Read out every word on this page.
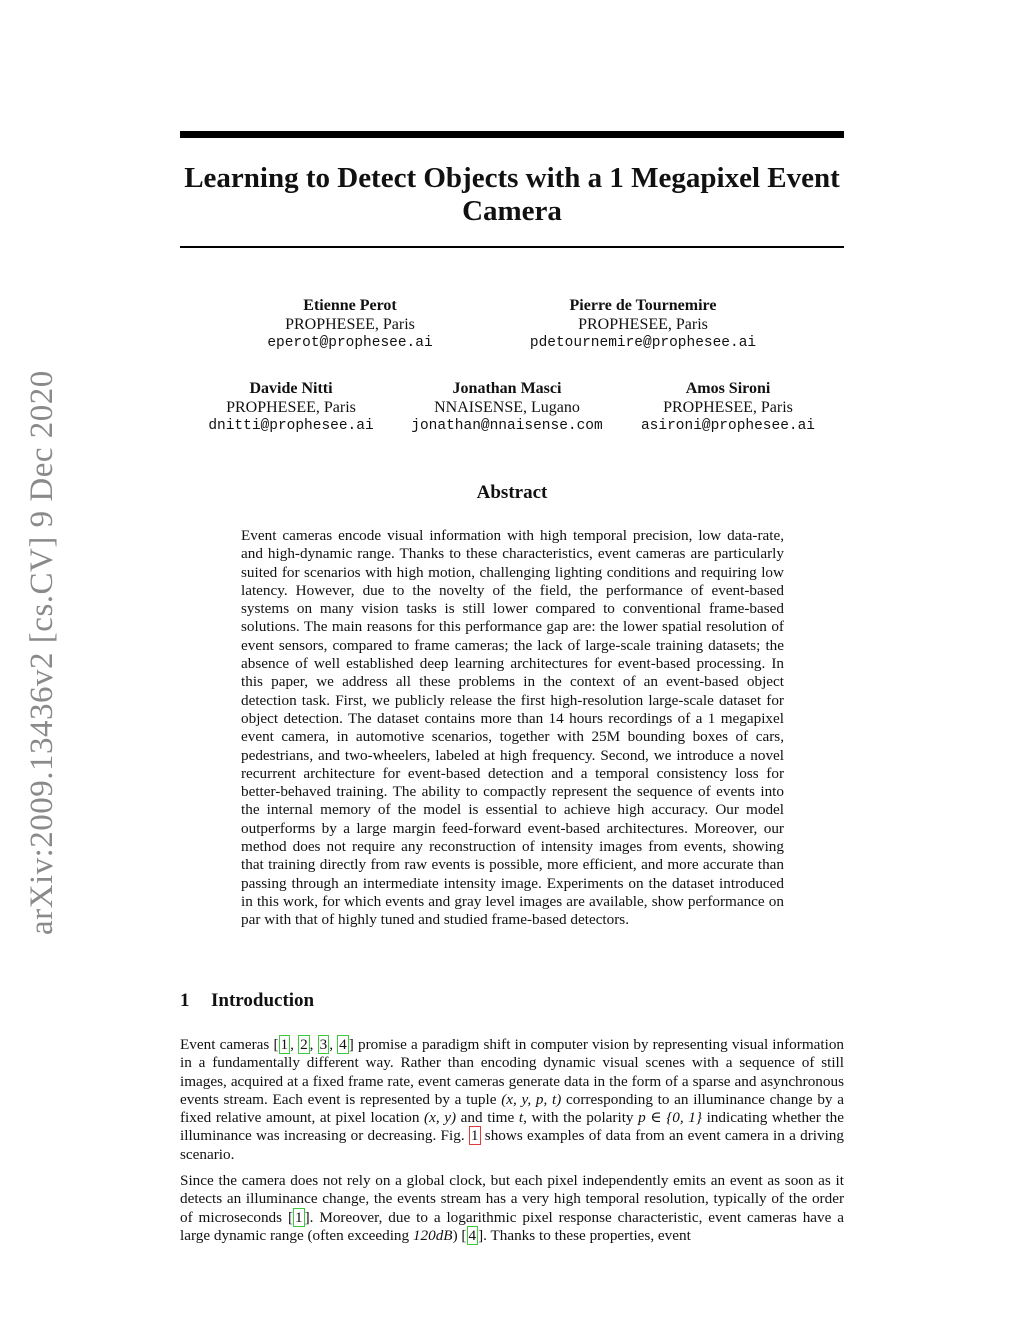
arXiv:2009.13436v2 [cs.CV] 9 Dec 2020
Learning to Detect Objects with a 1 Megapixel Event
Camera
Etienne Perot
PROPHESEE, Paris
eperot@prophesee.ai
Pierre de Tournemire
PROPHESEE, Paris
pdetournemire@prophesee.ai
Davide Nitti
PROPHESEE, Paris
dnitti@prophesee.ai
Jonathan Masci
NNAISENSE, Lugano
jonathan@nnaisense.com
Amos Sironi
PROPHESEE, Paris
asironi@prophesee.ai
Abstract
Event cameras encode visual information with high temporal precision, low data-rate, and high-dynamic range. Thanks to these characteristics, event cameras are particularly suited for scenarios with high motion, challenging lighting conditions and requiring low latency. However, due to the novelty of the field, the performance of event-based systems on many vision tasks is still lower compared to conventional frame-based solutions. The main reasons for this performance gap are: the lower spatial resolution of event sensors, compared to frame cameras; the lack of large-scale training datasets; the absence of well established deep learning architectures for event-based processing. In this paper, we address all these problems in the context of an event-based object detection task. First, we publicly release the first high-resolution large-scale dataset for object detection. The dataset contains more than 14 hours recordings of a 1 megapixel event camera, in automotive scenarios, together with 25M bounding boxes of cars, pedestrians, and two-wheelers, labeled at high frequency. Second, we introduce a novel recurrent architecture for event-based detection and a temporal consistency loss for better-behaved training. The ability to compactly represent the sequence of events into the internal memory of the model is essential to achieve high accuracy. Our model outperforms by a large margin feed-forward event-based architectures. Moreover, our method does not require any reconstruction of intensity images from events, showing that training directly from raw events is possible, more efficient, and more accurate than passing through an intermediate intensity image. Experiments on the dataset introduced in this work, for which events and gray level images are available, show performance on par with that of highly tuned and studied frame-based detectors.
1 Introduction
Event cameras [ 1 , 2 , 3 , 4 ] promise a paradigm shift in computer vision by representing visual information in a fundamentally different way. Rather than encoding dynamic visual scenes with a sequence of still images, acquired at a fixed frame rate, event cameras generate data in the form of a sparse and asynchronous events stream. Each event is represented by a tuple (x, y, p, t) corresponding to an illuminance change by a fixed relative amount, at pixel location (x, y) and time t, with the polarity p ∈ {0, 1} indicating whether the illuminance was increasing or decreasing. Fig. 1 shows examples of data from an event camera in a driving scenario.
Since the camera does not rely on a global clock, but each pixel independently emits an event as soon as it detects an illuminance change, the events stream has a very high temporal resolution, typically of the order of microseconds [ 1 ]. Moreover, due to a logarithmic pixel response characteristic, event cameras have a large dynamic range (often exceeding 120dB) [ 4 ]. Thanks to these properties, event
